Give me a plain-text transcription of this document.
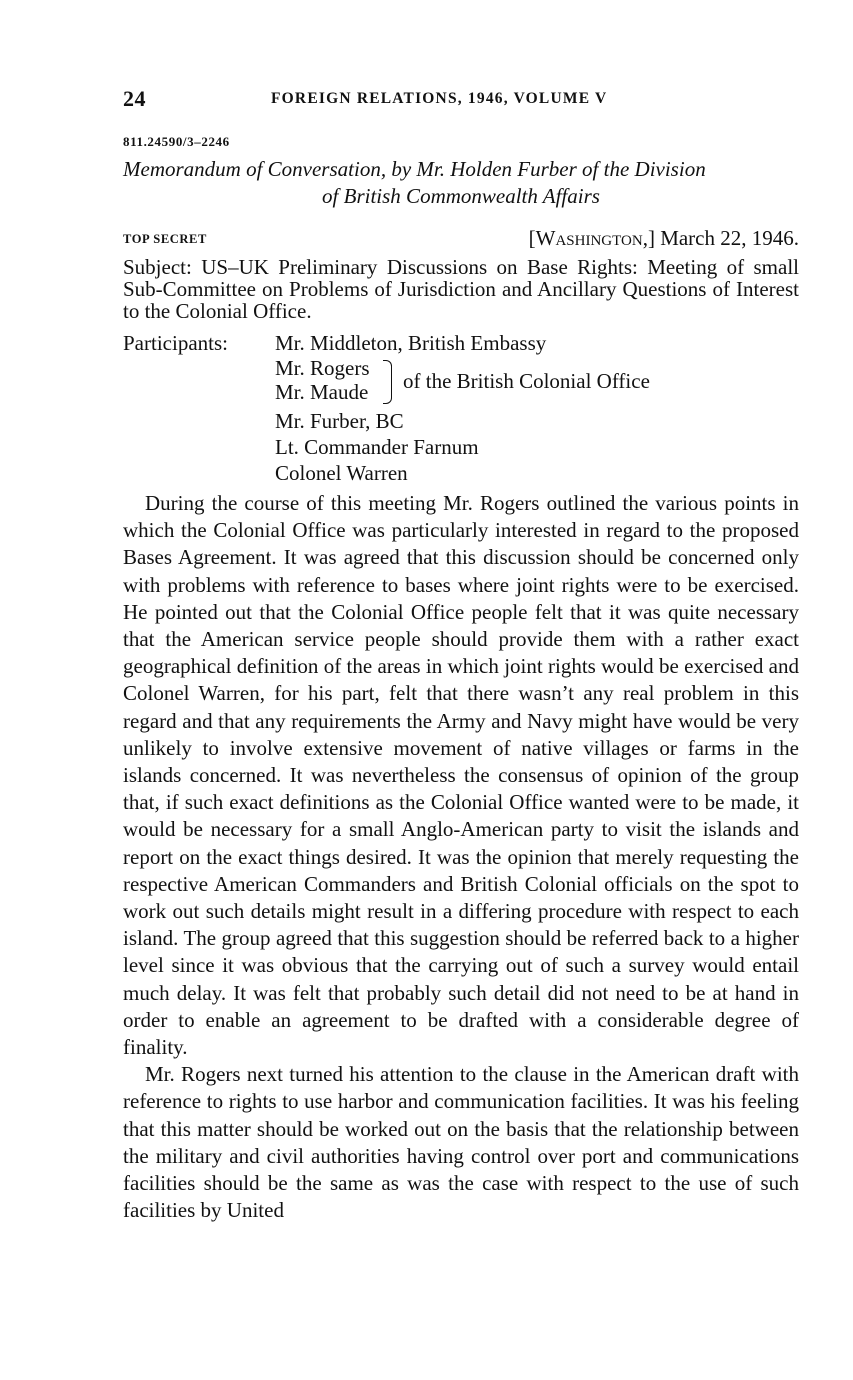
24	FOREIGN RELATIONS, 1946, VOLUME V
811.24590/3–2246
Memorandum of Conversation, by Mr. Holden Furber of the Division
of British Commonwealth Affairs
TOP SECRET	[Washington,] March 22, 1946.
Subject: US–UK Preliminary Discussions on Base Rights: Meeting of small Sub-Committee on Problems of Jurisdiction and Ancillary Questions of Interest to the Colonial Office.
Participants: Mr. Middleton, British Embassy
Mr. Rogers
Mr. Maude of the British Colonial Office
Mr. Furber, BC
Lt. Commander Farnum
Colonel Warren

During the course of this meeting Mr. Rogers outlined the various points in which the Colonial Office was particularly interested in regard to the proposed Bases Agreement. It was agreed that this discussion should be concerned only with problems with reference to bases where joint rights were to be exercised. He pointed out that the Colonial Office people felt that it was quite necessary that the American service people should provide them with a rather exact geographical definition of the areas in which joint rights would be exercised and Colonel Warren, for his part, felt that there wasn’t any real problem in this regard and that any requirements the Army and Navy might have would be very unlikely to involve extensive movement of native villages or farms in the islands concerned. It was nevertheless the consensus of opinion of the group that, if such exact definitions as the Colonial Office wanted were to be made, it would be necessary for a small Anglo-American party to visit the islands and report on the exact things desired. It was the opinion that merely requesting the respective American Commanders and British Colonial officials on the spot to work out such details might result in a differing procedure with respect to each island. The group agreed that this suggestion should be referred back to a higher level since it was obvious that the carrying out of such a survey would entail much delay. It was felt that probably such detail did not need to be at hand in order to enable an agreement to be drafted with a considerable degree of finality.

Mr. Rogers next turned his attention to the clause in the American draft with reference to rights to use harbor and communication facilities. It was his feeling that this matter should be worked out on the basis that the relationship between the military and civil authorities having control over port and communications facilities should be the same as was the case with respect to the use of such facilities by United
